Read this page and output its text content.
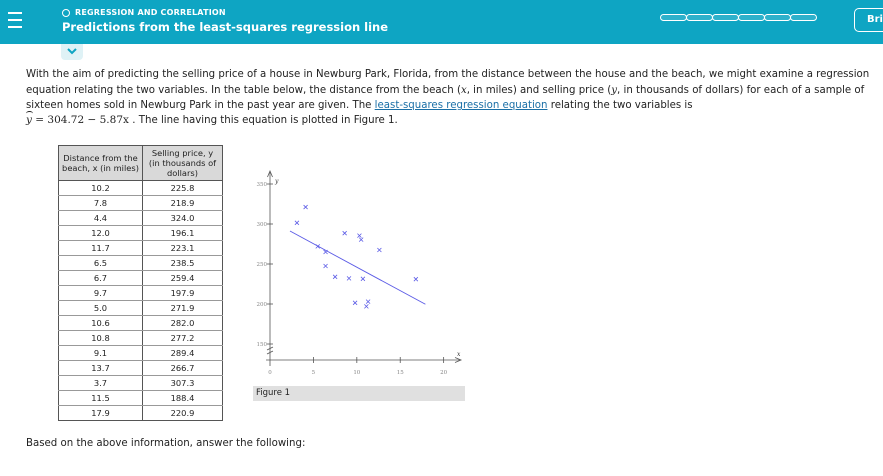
REGRESSION AND CORRELATION
Predictions from the least-squares regression line
Bri
With the aim of predicting the selling price of a house in Newburg Park, Florida, from the distance between the house and the beach, we might examine a regression equation relating the two variables. In the table below, the distance from the beach (x, in miles) and selling price (y, in thousands of dollars) for each of a sample of sixteen homes sold in Newburg Park in the past year are given. The least-squares regression equation relating the two variables is
y = 304.72 − 5.87x . The line having this equation is plotted in Figure 1.
Distance from the beach, x (in miles)	Selling price, y (in thousands of dollars)
10.2	225.8
7.8	218.9
4.4	324.0
12.0	196.1
11.7	223.1
6.5	238.5
6.7	259.4
9.7	197.9
5.0	271.9
10.6	282.0
10.8	277.2
9.1	289.4
13.7	266.7
3.7	307.3
11.5	188.4
17.9	220.9
150
200
250
300
350
0	5	10	15	20
y
x
Figure 1
Based on the above information, answer the following:
